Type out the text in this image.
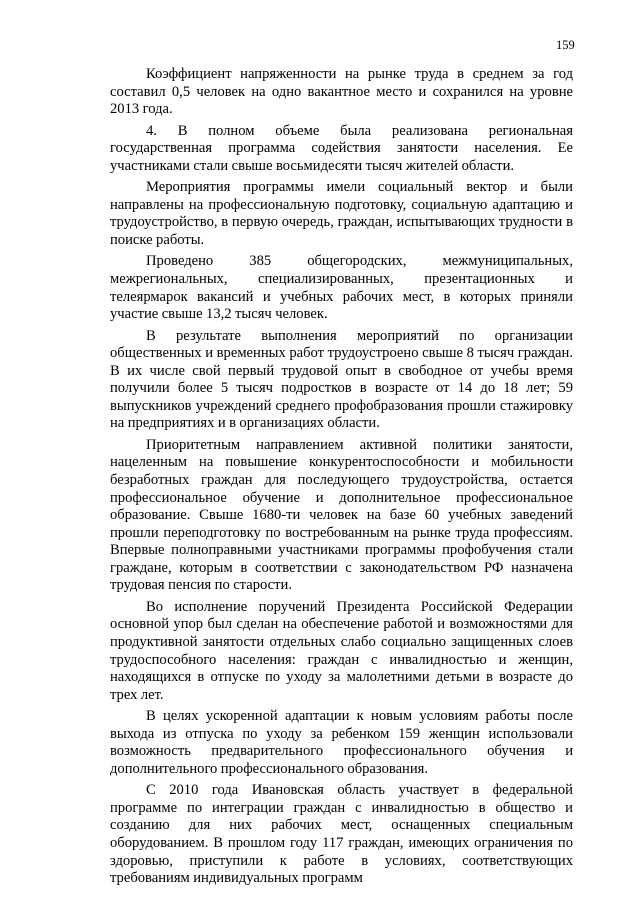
159

Коэффициент напряженности на рынке труда в среднем за год составил 0,5 человек на одно вакантное место и сохранился на уровне 2013 года.

4. В полном объеме была реализована региональная государственная программа содействия занятости населения. Ее участниками стали свыше восьмидесяти тысяч жителей области.

Мероприятия программы имели социальный вектор и были направлены на профессиональную подготовку, социальную адаптацию и трудоустройство, в первую очередь, граждан, испытывающих трудности в поиске работы.

Проведено 385 общегородских, межмуниципальных, межрегиональных, специализированных, презентационных и телеярмарок вакансий и учебных рабочих мест, в которых приняли участие свыше 13,2 тысяч человек.

В результате выполнения мероприятий по организации общественных и временных работ трудоустроено свыше 8 тысяч граждан. В их числе свой первый трудовой опыт в свободное от учебы время получили более 5 тысяч подростков в возрасте от 14 до 18 лет; 59 выпускников учреждений среднего профобразования прошли стажировку на предприятиях и в организациях области.

Приоритетным направлением активной политики занятости, нацеленным на повышение конкурентоспособности и мобильности безработных граждан для последующего трудоустройства, остается профессиональное обучение и дополнительное профессиональное образование. Свыше 1680-ти человек на базе 60 учебных заведений прошли переподготовку по востребованным на рынке труда профессиям. Впервые полноправными участниками программы профобучения стали граждане, которым в соответствии с законодательством РФ назначена трудовая пенсия по старости.

Во исполнение поручений Президента Российской Федерации основной упор был сделан на обеспечение работой и возможностями для продуктивной занятости отдельных слабо социально защищенных слоев трудоспособного населения: граждан с инвалидностью и женщин, находящихся в отпуске по уходу за малолетними детьми в возрасте до трех лет.

В целях ускоренной адаптации к новым условиям работы после выхода из отпуска по уходу за ребенком 159 женщин использовали возможность предварительного профессионального обучения и дополнительного профессионального образования.

С 2010 года Ивановская область участвует в федеральной программе по интеграции граждан с инвалидностью в общество и созданию для них рабочих мест, оснащенных специальным оборудованием. В прошлом году 117 граждан, имеющих ограничения по здоровью, приступили к работе в условиях, соответствующих требованиям индивидуальных программ
